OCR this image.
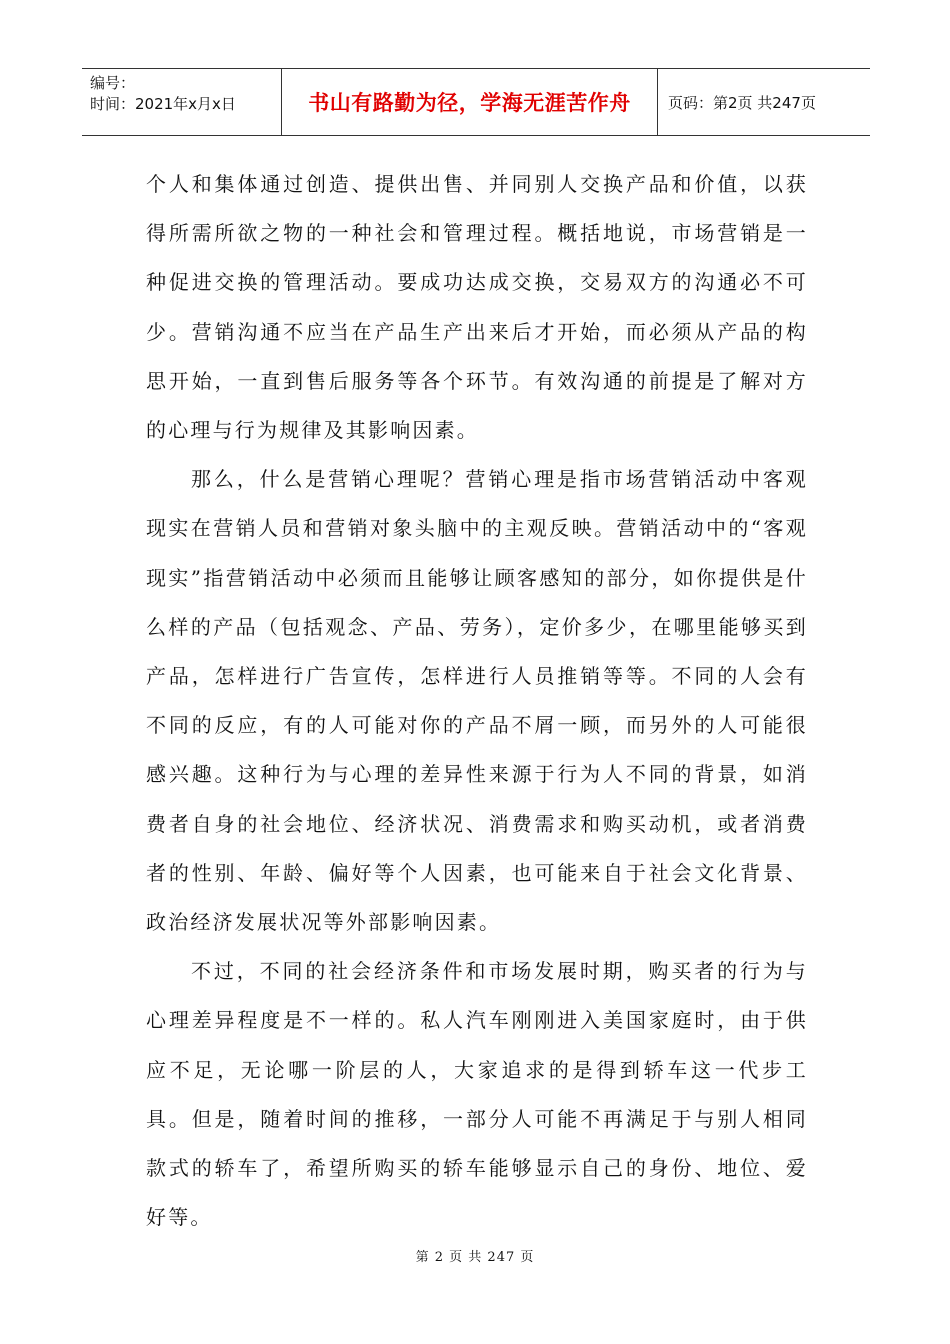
编号：
时间：2021年x月x日	书山有路勤为径，学海无涯苦作舟	页码：第2页 共247页

个人和集体通过创造、提供出售、并同别人交换产品和价值，以获得所需所欲之物的一种社会和管理过程。概括地说，市场营销是一种促进交换的管理活动。要成功达成交换，交易双方的沟通必不可少。营销沟通不应当在产品生产出来后才开始，而必须从产品的构思开始，一直到售后服务等各个环节。有效沟通的前提是了解对方的心理与行为规律及其影响因素。

那么，什么是营销心理呢？营销心理是指市场营销活动中客观现实在营销人员和营销对象头脑中的主观反映。营销活动中的“客观现实”指营销活动中必须而且能够让顾客感知的部分，如你提供是什么样的产品（包括观念、产品、劳务），定价多少，在哪里能够买到产品，怎样进行广告宣传，怎样进行人员推销等等。不同的人会有不同的反应，有的人可能对你的产品不屑一顾，而另外的人可能很感兴趣。这种行为与心理的差异性来源于行为人不同的背景，如消费者自身的社会地位、经济状况、消费需求和购买动机，或者消费者的性别、年龄、偏好等个人因素，也可能来自于社会文化背景、政治经济发展状况等外部影响因素。

不过，不同的社会经济条件和市场发展时期，购买者的行为与心理差异程度是不一样的。私人汽车刚刚进入美国家庭时，由于供应不足，无论哪一阶层的人，大家追求的是得到轿车这一代步工具。但是，随着时间的推移，一部分人可能不再满足于与别人相同款式的轿车了，希望所购买的轿车能够显示自己的身份、地位、爱好等。

第 2 页 共 247 页
